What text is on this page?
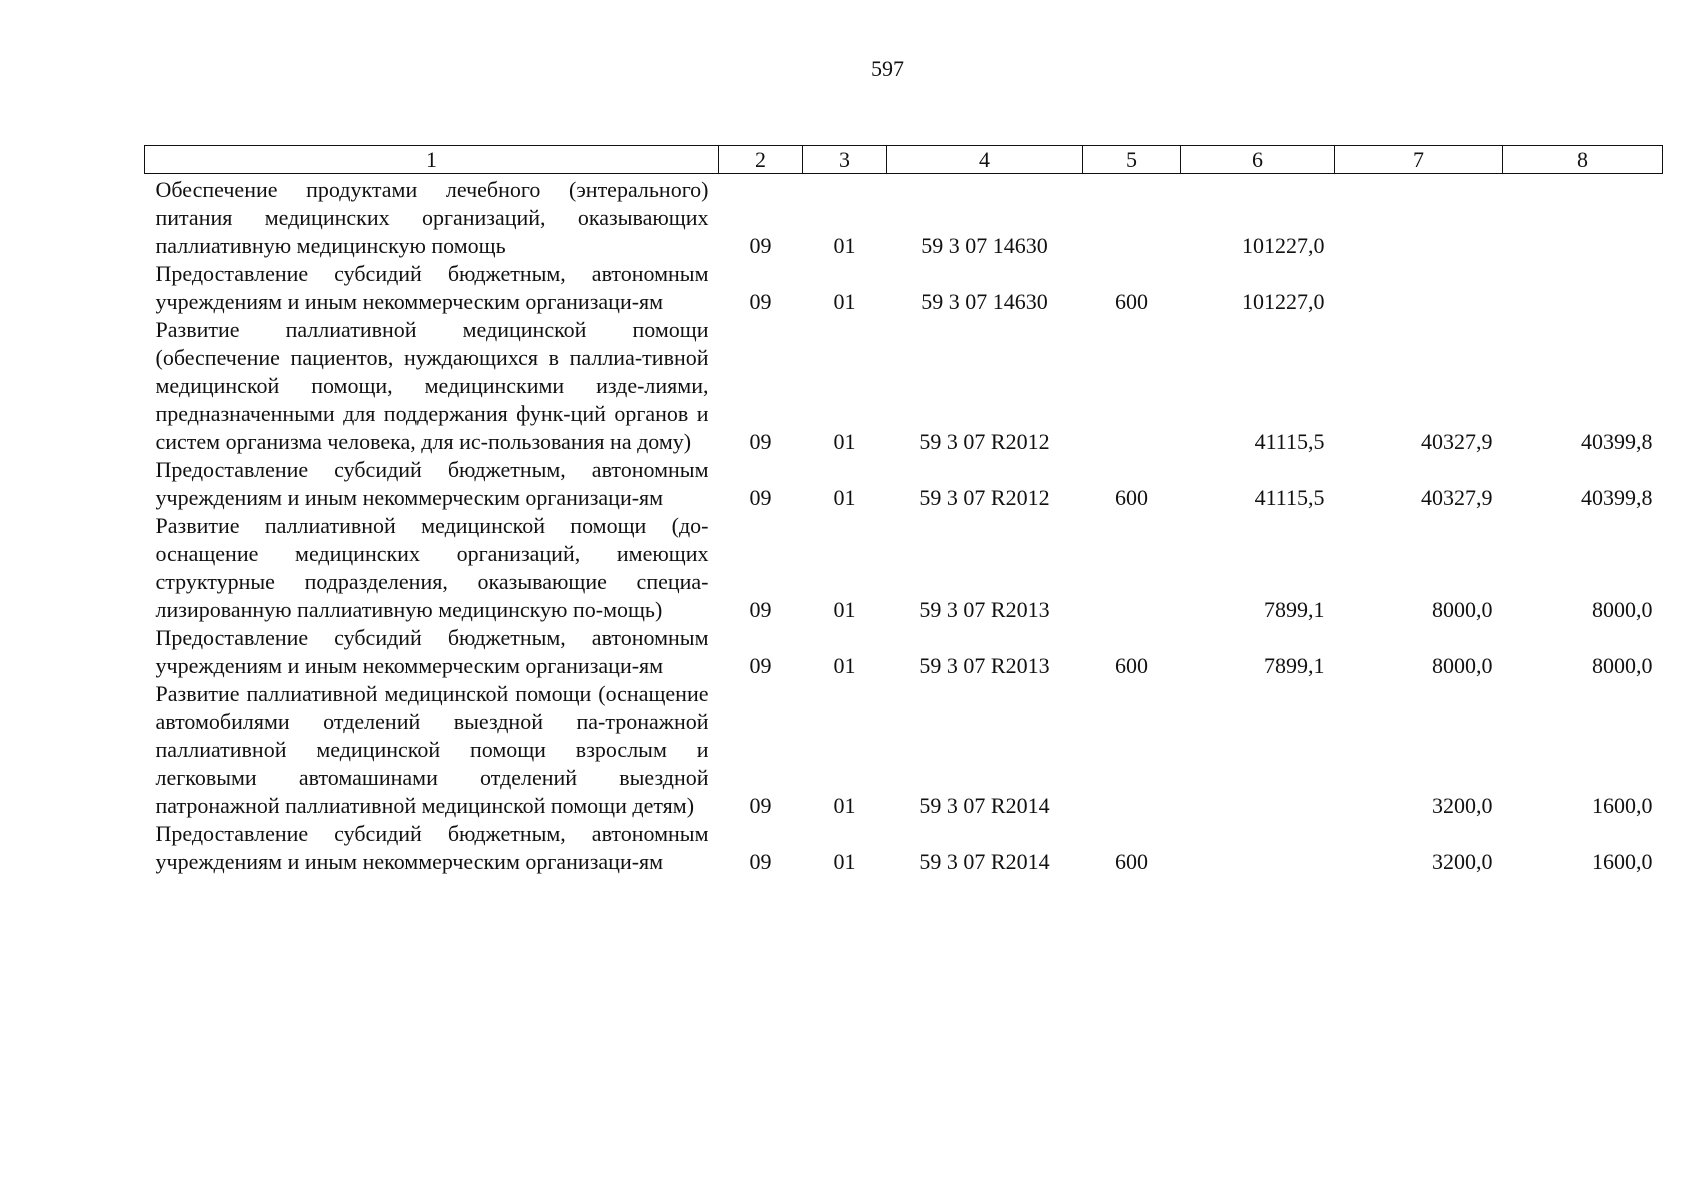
597
1	2	3	4	5	6	7	8
Обеспечение продуктами лечебного (энтерального) питания медицинских организаций, оказывающих паллиативную медицинскую помощь	09	01	59 3 07 14630		101227,0		
Предоставление субсидий бюджетным, автономным учреждениям и иным некоммерческим организаци-ям	09	01	59 3 07 14630	600	101227,0		
Развитие паллиативной медицинской помощи (обеспечение пациентов, нуждающихся в паллиа-тивной медицинской помощи, медицинскими изде-лиями, предназначенными для поддержания функ-ций органов и систем организма человека, для ис-пользования на дому)	09	01	59 3 07 R2012		41115,5	40327,9	40399,8
Предоставление субсидий бюджетным, автономным учреждениям и иным некоммерческим организаци-ям	09	01	59 3 07 R2012	600	41115,5	40327,9	40399,8
Развитие паллиативной медицинской помощи (до-оснащение медицинских организаций, имеющих структурные подразделения, оказывающие специа-лизированную паллиативную медицинскую по-мощь)	09	01	59 3 07 R2013		7899,1	8000,0	8000,0
Предоставление субсидий бюджетным, автономным учреждениям и иным некоммерческим организаци-ям	09	01	59 3 07 R2013	600	7899,1	8000,0	8000,0
Развитие паллиативной медицинской помощи (оснащение автомобилями отделений выездной па-тронажной паллиативной медицинской помощи взрослым и легковыми автомашинами отделений выездной патронажной паллиативной медицинской помощи детям)	09	01	59 3 07 R2014			3200,0	1600,0
Предоставление субсидий бюджетным, автономным учреждениям и иным некоммерческим организаци-ям	09	01	59 3 07 R2014	600		3200,0	1600,0
